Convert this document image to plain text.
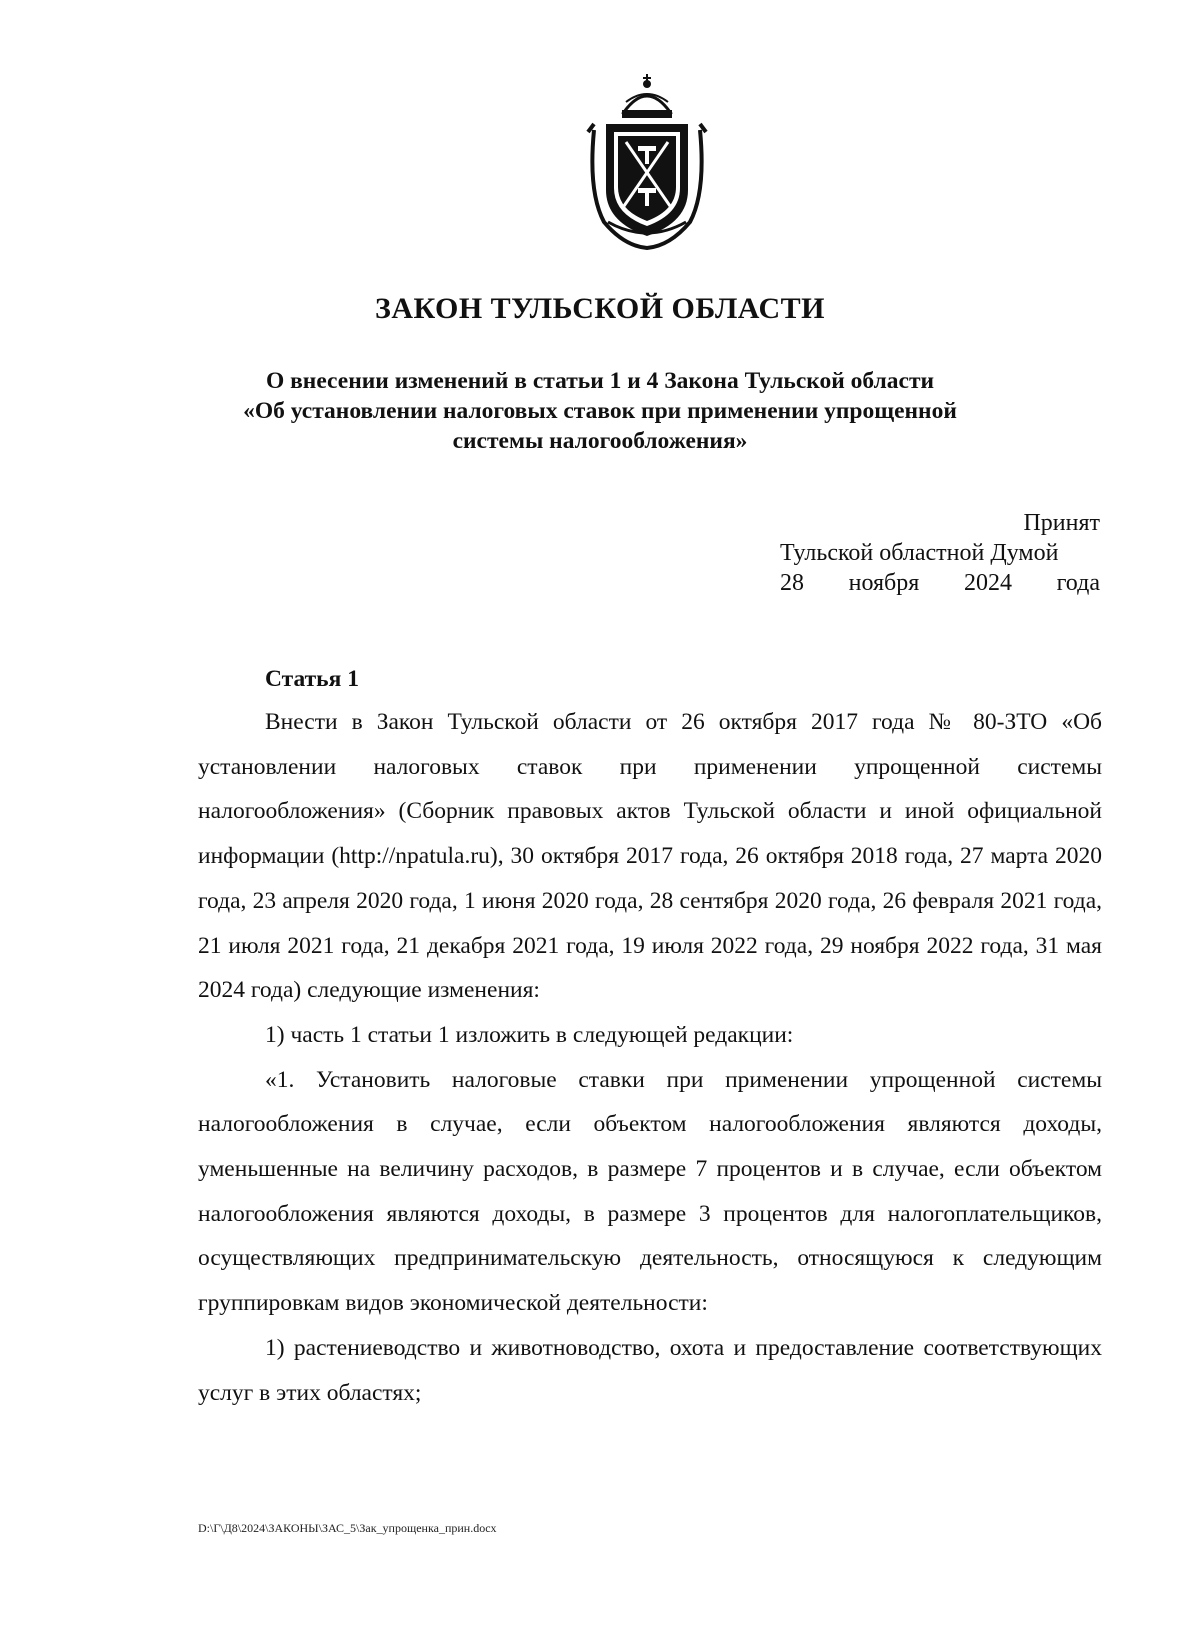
ЗАКОН ТУЛЬСКОЙ ОБЛАСТИ
О внесении изменений в статьи 1 и 4 Закона Тульской области
«Об установлении налоговых ставок при применении упрощенной
системы налогообложения»
Принят
Тульской областной Думой
28 ноября 2024 года
Статья 1

Внести в Закон Тульской области от 26 октября 2017 года № 80-ЗТО «Об установлении налоговых ставок при применении упрощенной системы налогообложения» (Сборник правовых актов Тульской области и иной официальной информации (http://npatula.ru), 30 октября 2017 года, 26 октября 2018 года, 27 марта 2020 года, 23 апреля 2020 года, 1 июня 2020 года, 28 сентября 2020 года, 26 февраля 2021 года, 21 июля 2021 года, 21 декабря 2021 года, 19 июля 2022 года, 29 ноября 2022 года, 31 мая 2024 года) следующие изменения:

1) часть 1 статьи 1 изложить в следующей редакции:

«1. Установить налоговые ставки при применении упрощенной системы налогообложения в случае, если объектом налогообложения являются доходы, уменьшенные на величину расходов, в размере 7 процентов и в случае, если объектом налогообложения являются доходы, в размере 3 процентов для налогоплательщиков, осуществляющих предпринимательскую деятельность, относящуюся к следующим группировкам видов экономической деятельности:

1) растениеводство и животноводство, охота и предоставление соответствующих услуг в этих областях;

D:\Г\Д8\2024\ЗАКОНЫ\ЗАС_5\Зак_упрощенка_прин.docx
